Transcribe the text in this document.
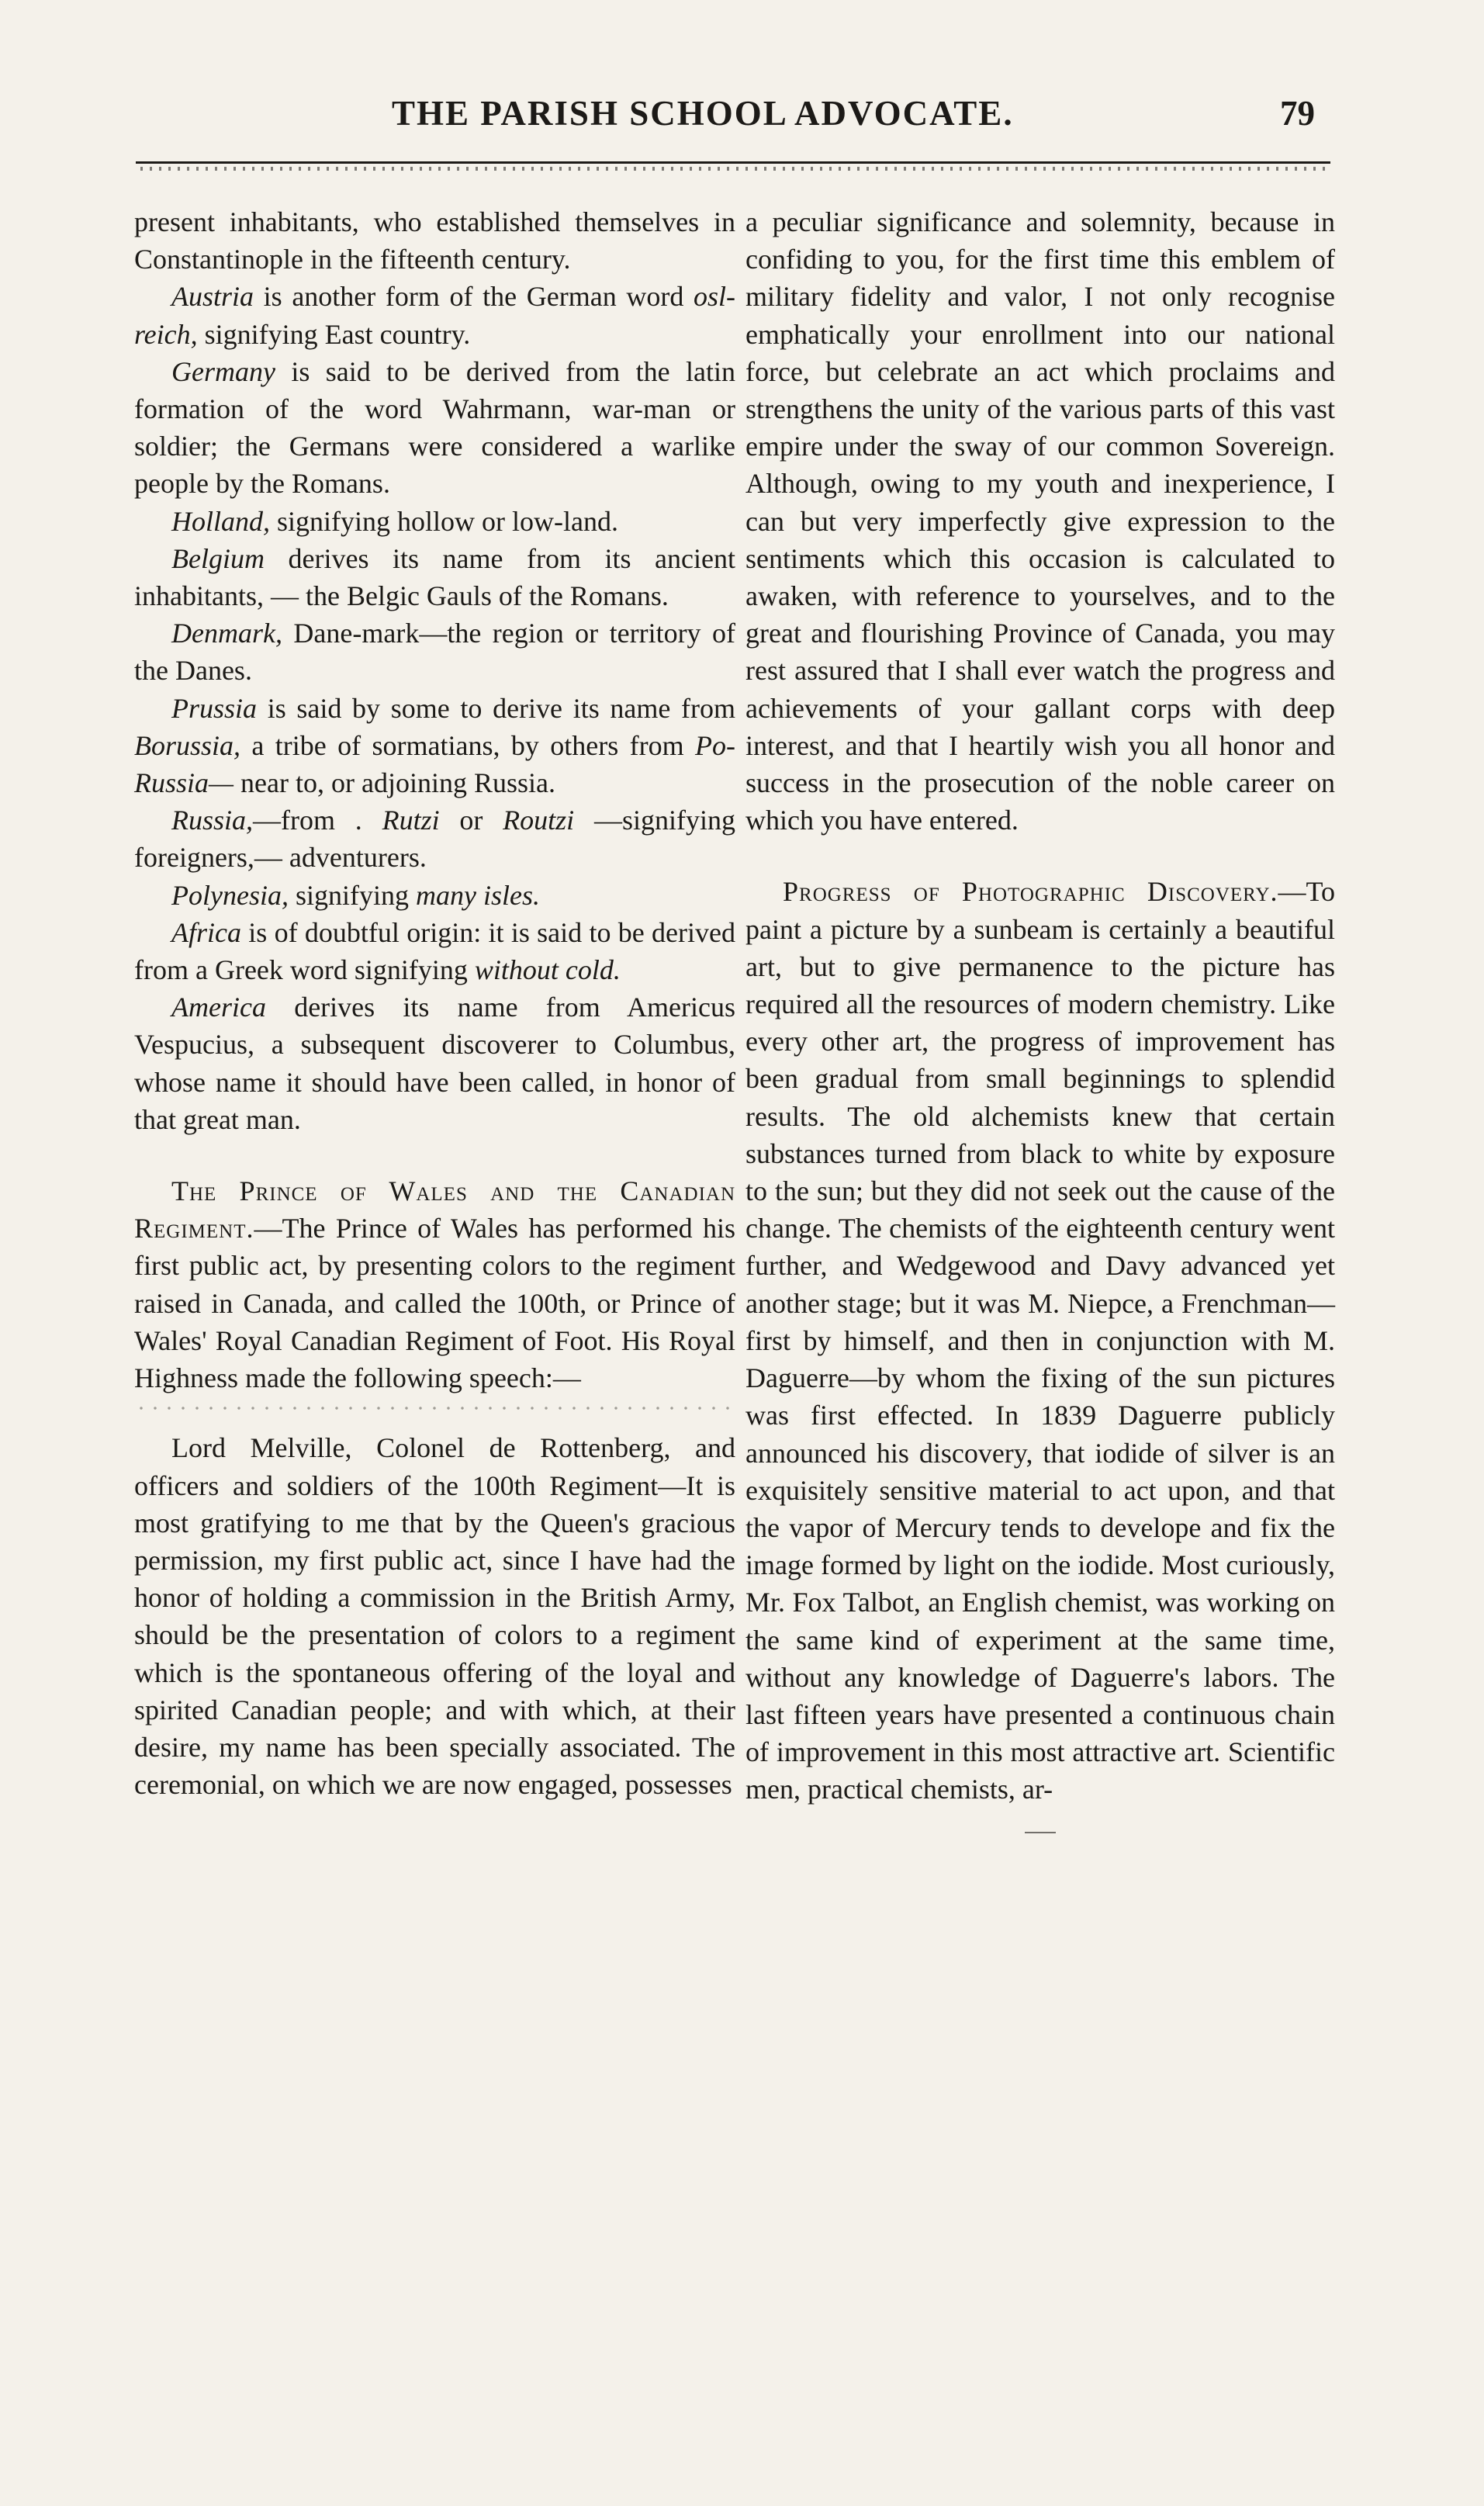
THE PARISH SCHOOL ADVOCATE.	79

present inhabitants, who established themselves in Constantinople in the fifteenth century.

Austria is another form of the German word osl-reich, signifying East country.

Germany is said to be derived from the latin formation of the word Wahrmann, war-man or soldier; the Germans were considered a warlike people by the Romans.

Holland, signifying hollow or low-land.

Belgium derives its name from its ancient inhabitants, — the Belgic Gauls of the Romans.

Denmark, Dane-mark—the region or territory of the Danes.

Prussia is said by some to derive its name from Borussia, a tribe of sormatians, by others from Po-Russia— near to, or adjoining Russia.

Russia,—from . Rutzi or Routzi —signifying foreigners,— adventurers.

Polynesia, signifying many isles.

Africa is of doubtful origin: it is said to be derived from a Greek word signifying without cold.

America derives its name from Americus Vespucius, a subsequent discoverer to Columbus, whose name it should have been called, in honor of that great man.

The Prince of Wales and the Canadian Regiment.—The Prince of Wales has performed his first public act, by presenting colors to the regiment raised in Canada, and called the 100th, or Prince of Wales' Royal Canadian Regiment of Foot. His Royal Highness made the following speech:—

Lord Melville, Colonel de Rottenberg, and officers and soldiers of the 100th Regiment—It is most gratifying to me that by the Queen's gracious permission, my first public act, since I have had the honor of holding a commission in the British Army, should be the presentation of colors to a regiment which is the spontaneous offering of the loyal and spirited Canadian people; and with which, at their desire, my name has been specially associated. The ceremonial, on which we are now engaged, possesses

a peculiar significance and solemnity, because in confiding to you, for the first time this emblem of military fidelity and valor, I not only recognise emphatically your enrollment into our national force, but celebrate an act which proclaims and strengthens the unity of the various parts of this vast empire under the sway of our common Sovereign. Although, owing to my youth and inexperience, I can but very imperfectly give expression to the sentiments which this occasion is calculated to awaken, with reference to yourselves, and to the great and flourishing Province of Canada, you may rest assured that I shall ever watch the progress and achievements of your gallant corps with deep interest, and that I heartily wish you all honor and success in the prosecution of the noble career on which you have entered.

Progress of Photographic Discovery.—To paint a picture by a sunbeam is certainly a beautiful art, but to give permanence to the picture has required all the resources of modern chemistry. Like every other art, the progress of improvement has been gradual from small beginnings to splendid results. The old alchemists knew that certain substances turned from black to white by exposure to the sun; but they did not seek out the cause of the change. The chemists of the eighteenth century went further, and Wedgewood and Davy advanced yet another stage; but it was M. Niepce, a Frenchman—first by himself, and then in conjunction with M. Daguerre—by whom the fixing of the sun pictures was first effected. In 1839 Daguerre publicly announced his discovery, that iodide of silver is an exquisitely sensitive material to act upon, and that the vapor of Mercury tends to develope and fix the image formed by light on the iodide. Most curiously, Mr. Fox Talbot, an English chemist, was working on the same kind of experiment at the same time, without any knowledge of Daguerre's labors. The last fifteen years have presented a continuous chain of improvement in this most attractive art. Scientific men, practical chemists, ar-
